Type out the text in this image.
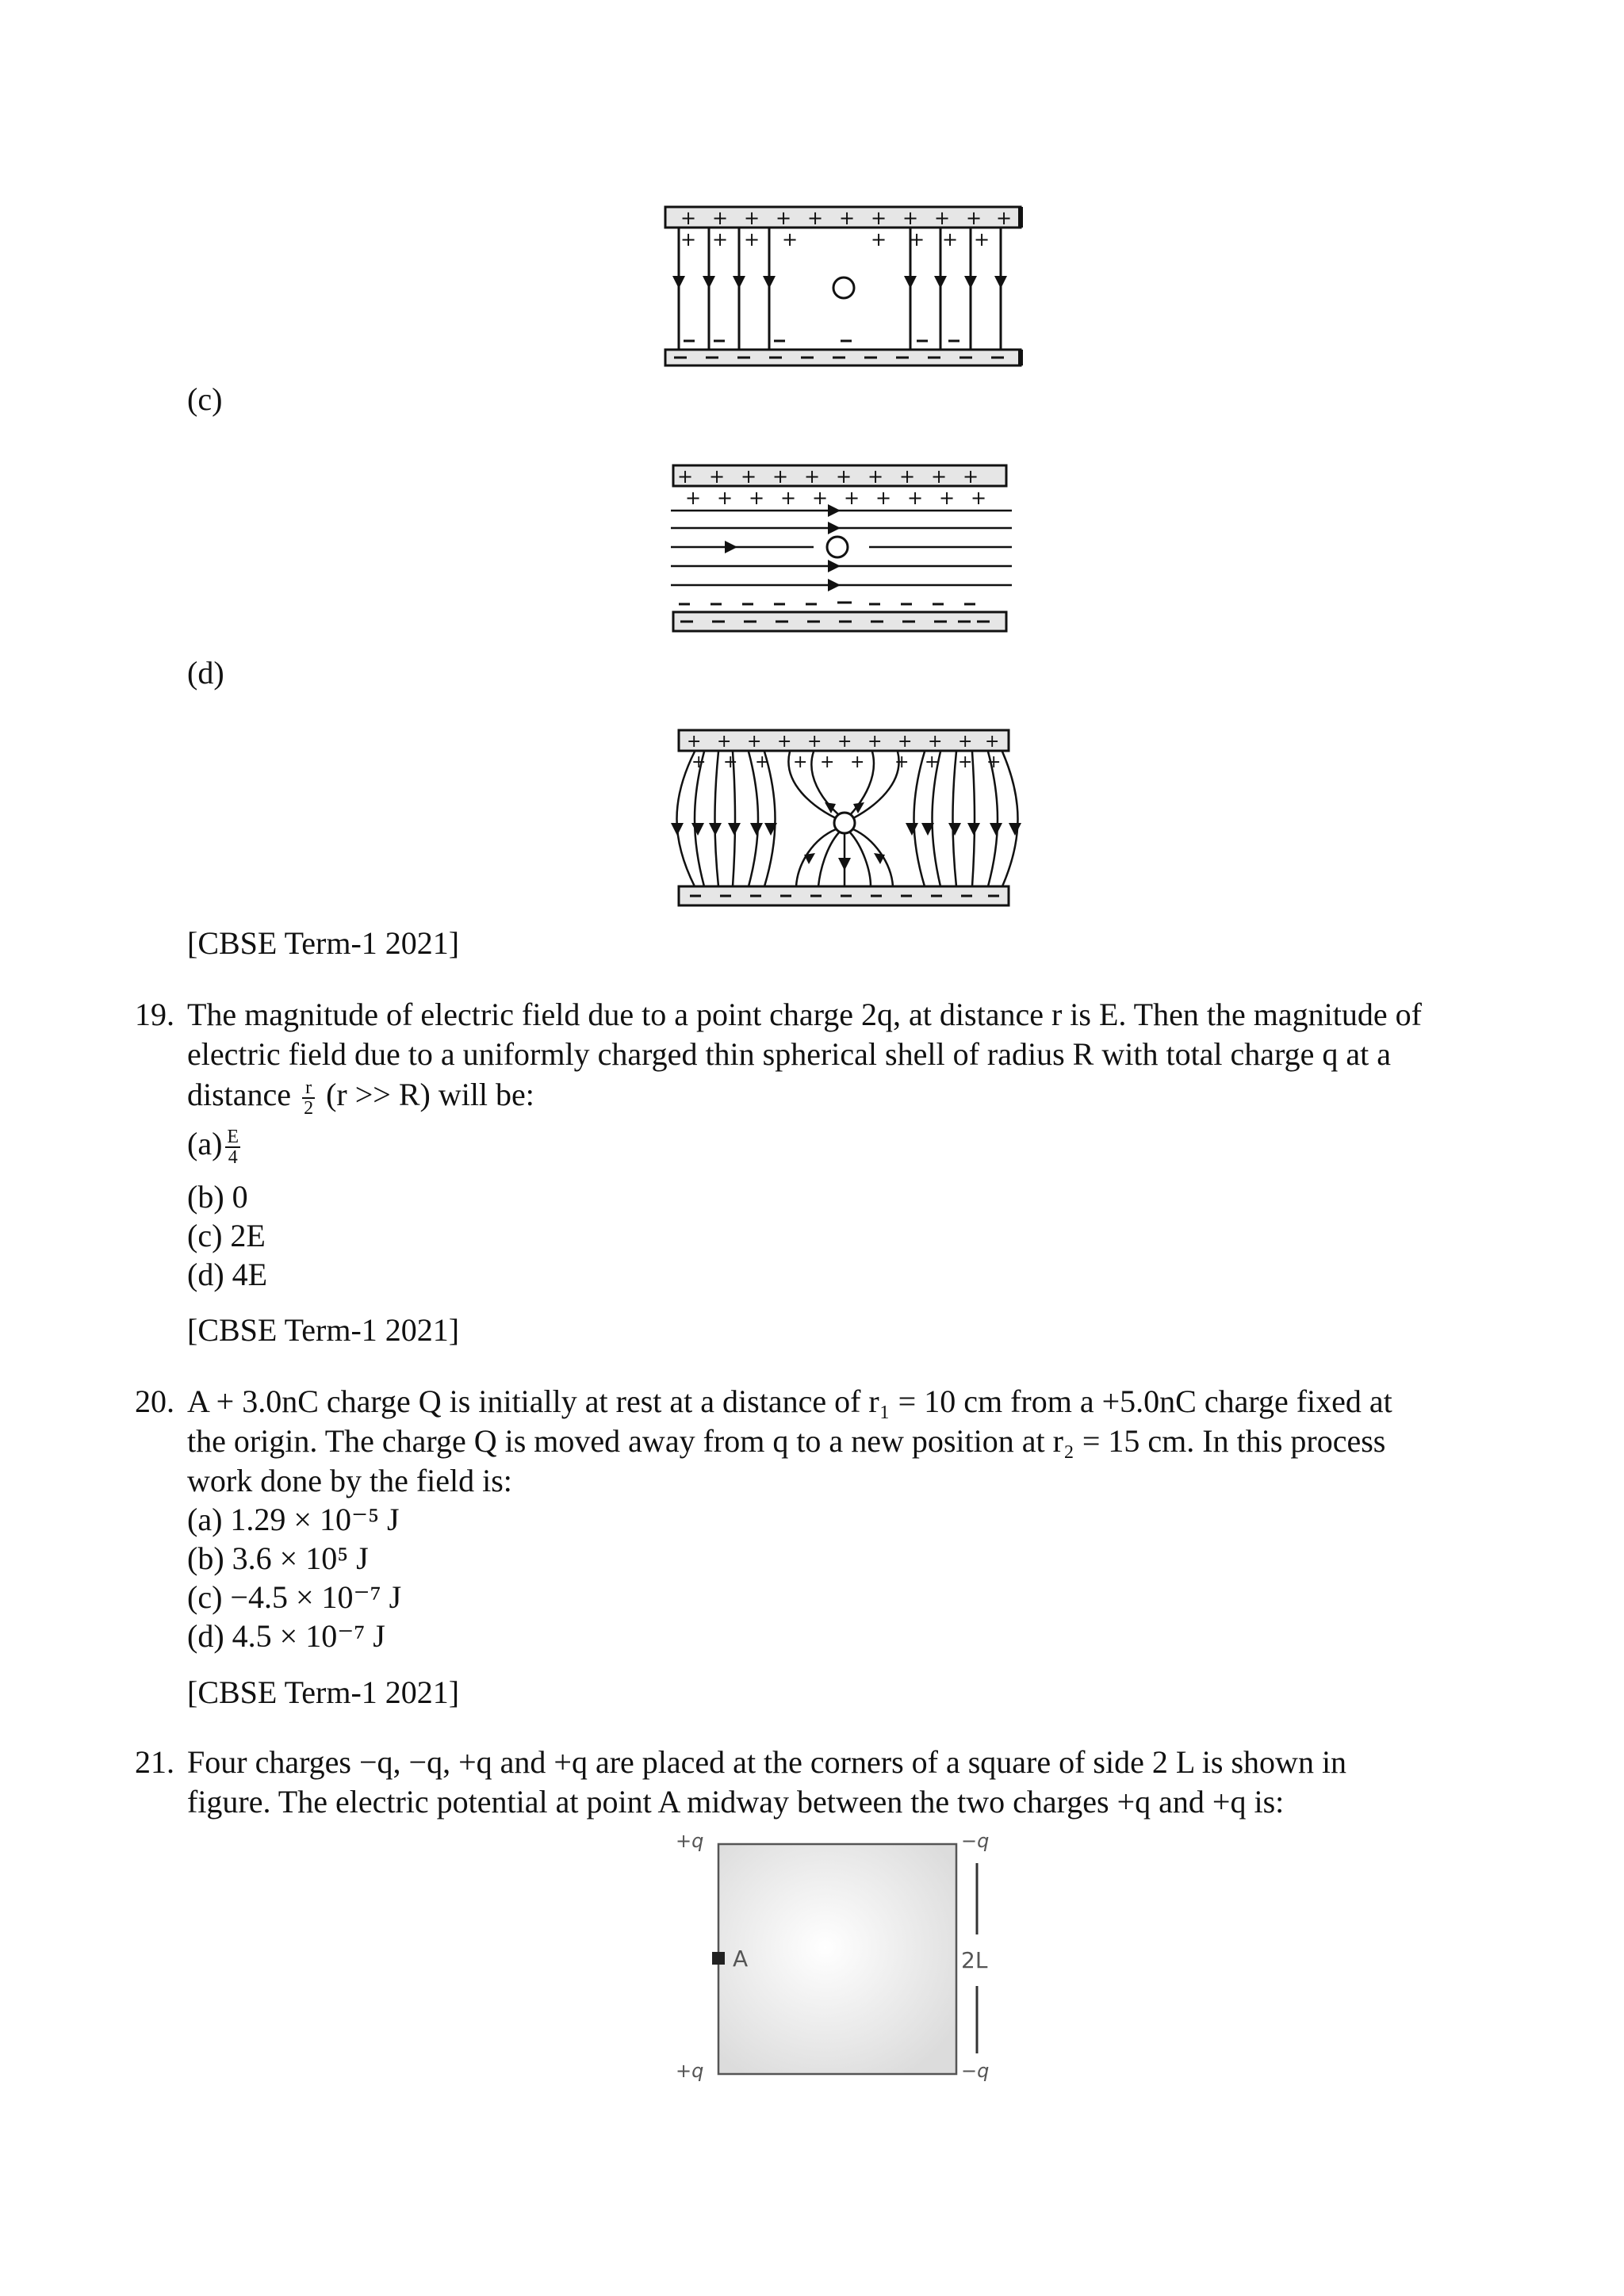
+ + + + + + + + + + +
+ + + +	+ + + +
(c)
+ + + + + + + + + +
+ + + + + + + + + +
(d)
+ + + + + + + + + + +
+ + + + + + + + + +
[CBSE Term-1 2021]
19. The magnitude of electric field due to a point charge 2q, at distance r is E. Then the magnitude of
electric field due to a uniformly charged thin spherical shell of radius R with total charge q at a
distance $\frac{r}{2} (r >> R)$ will be:
$(a) \frac{E}{4}$
(b) 0
(c) 2E
(d) 4E
[CBSE Term-1 2021]
20. A + 3.0nC charge Q is initially at rest at a distance of r₁ = 10 cm from a +5.0nC charge fixed at
the origin. The charge Q is moved away from q to a new position at r₂ = 15 cm. In this process
work done by the field is:
(a) 1.29 × 10⁻⁵ J
(b) 3.6 × 10⁵ J
(c) −4.5 × 10⁻⁷ J
(d) 4.5 × 10⁻⁷ J
[CBSE Term-1 2021]
21. Four charges −q, −q, +q and +q are placed at the corners of a square of side 2 L is shown in
figure. The electric potential at point A midway between the two charges +q and +q is:
+q	−q
+q	−q
A	2L
